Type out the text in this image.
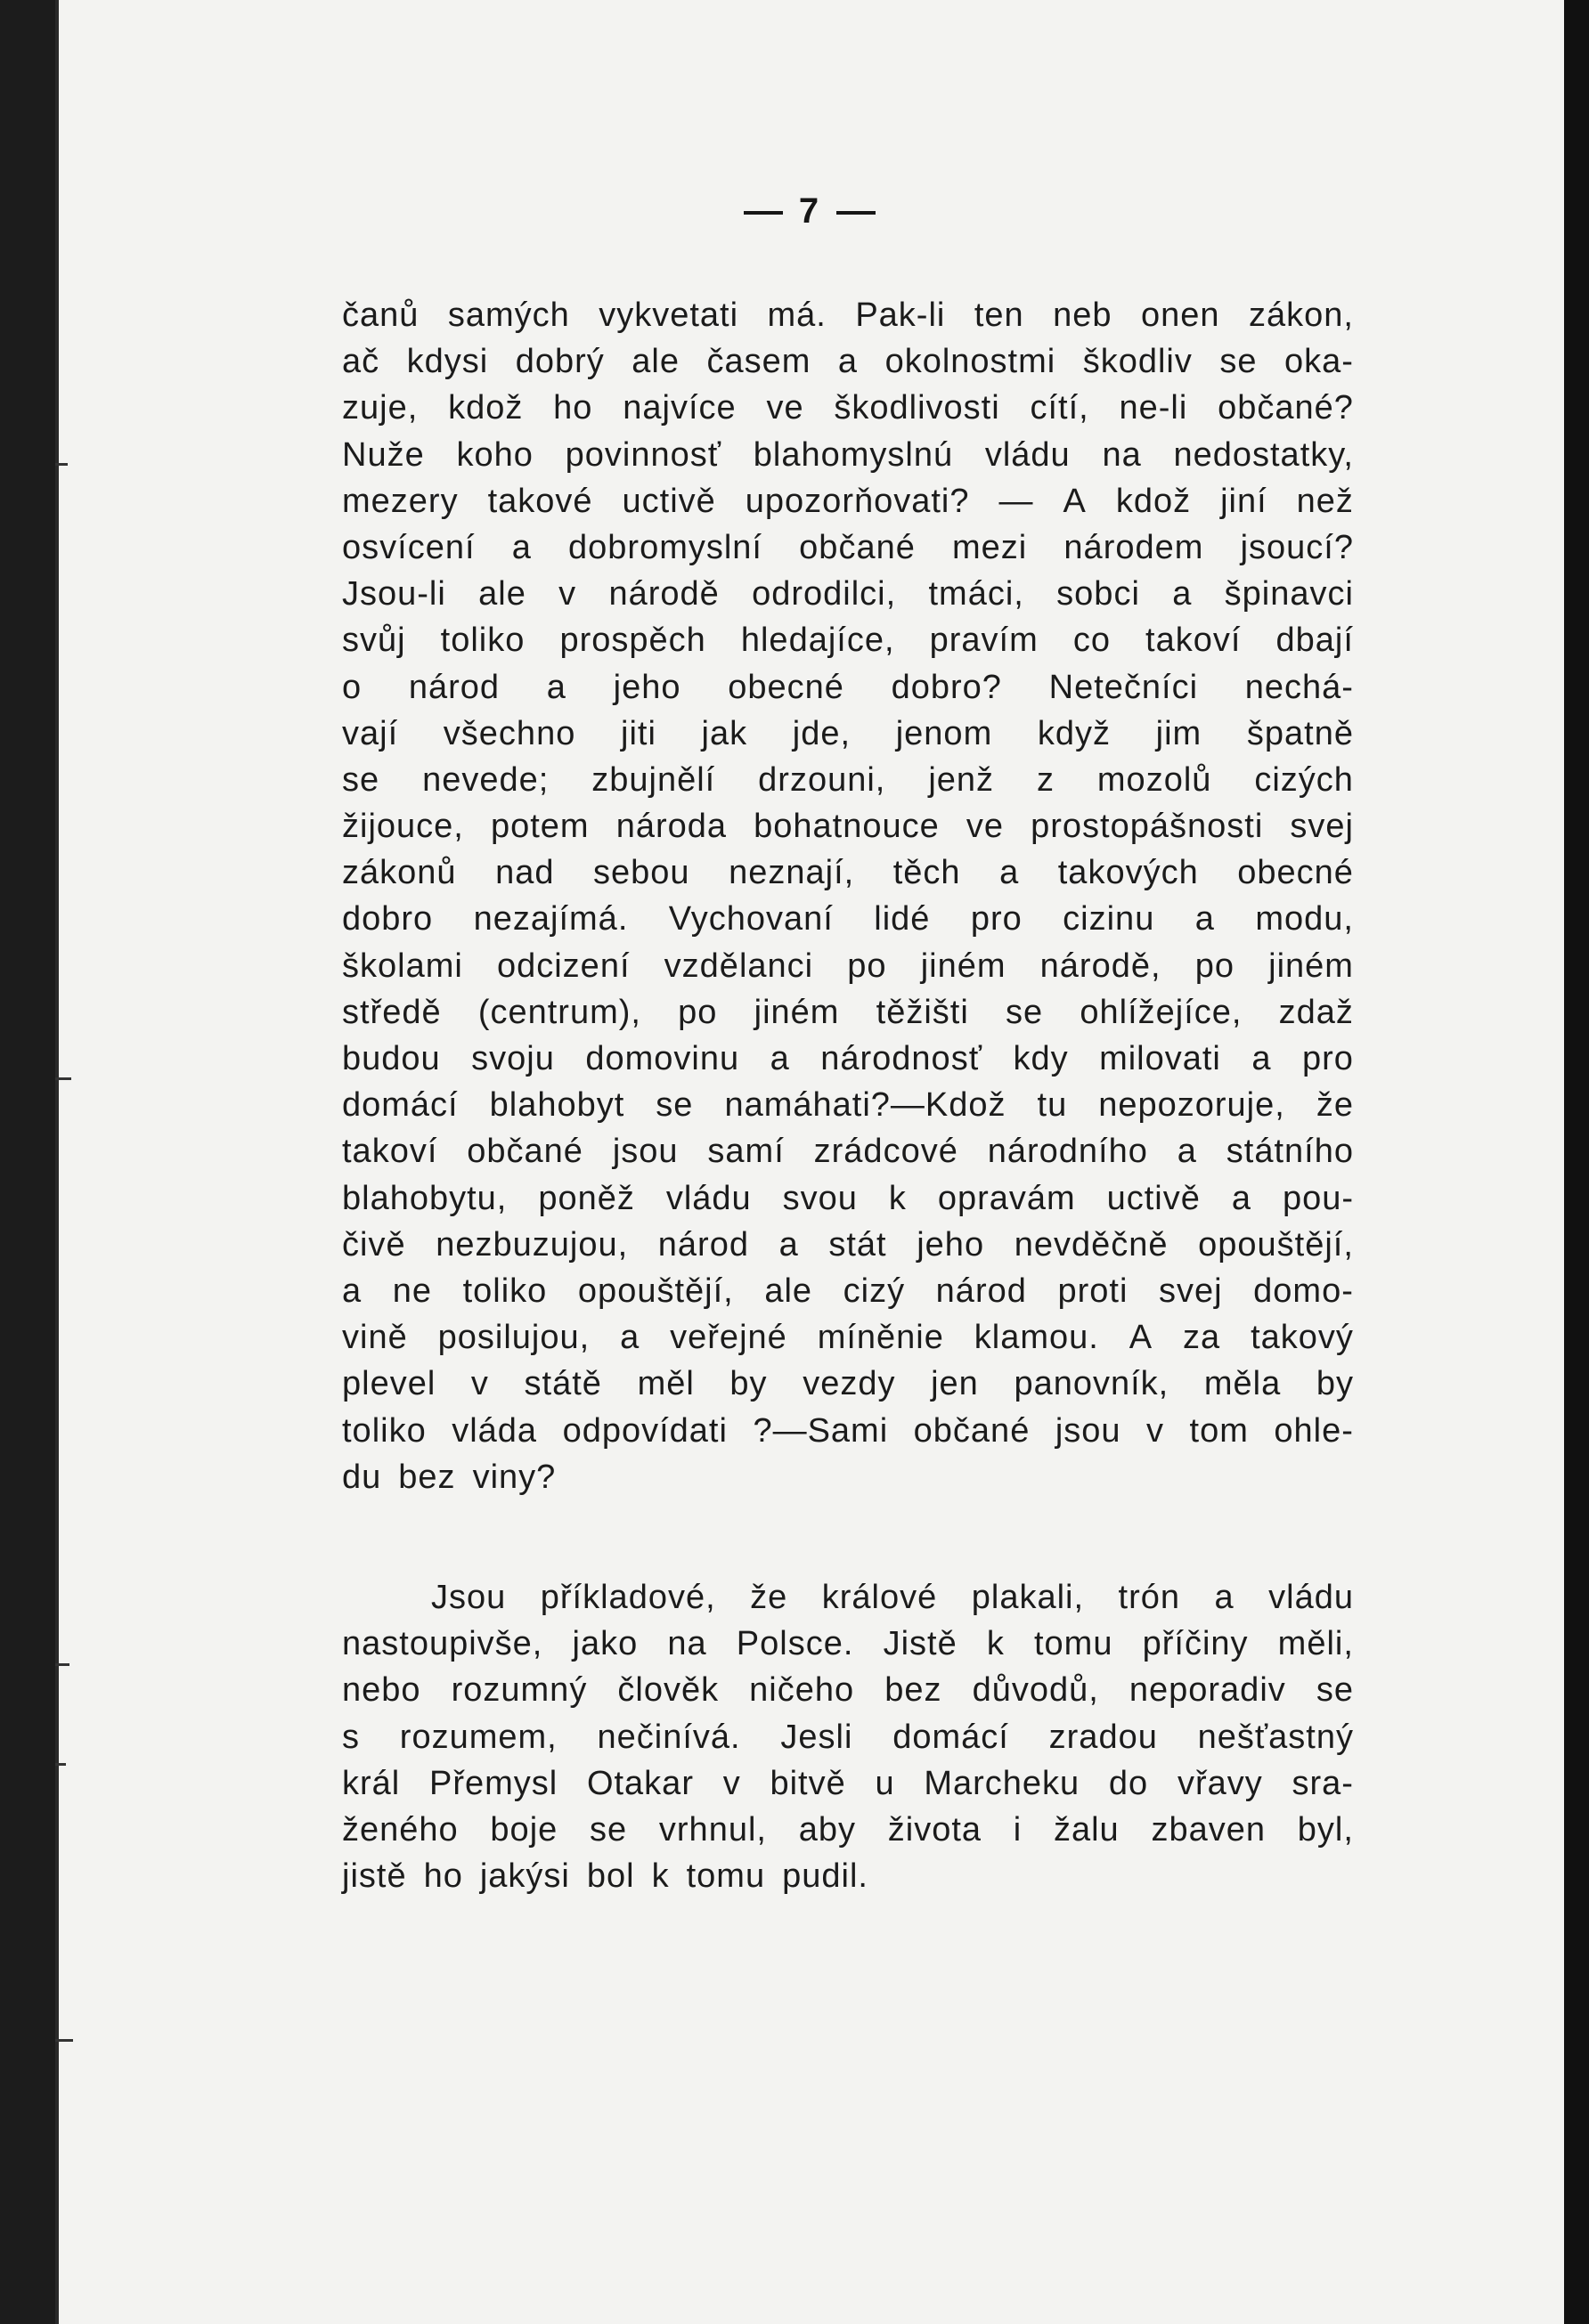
7
čanů samých vykvetati má. Pak-li ten neb onen zákon,
ač kdysi dobrý ale časem a okolnostmi škodliv se oka-
zuje, kdož ho najvíce ve škodlivosti cítí, ne-li občané?
Nuže koho povinnosť blahomyslnú vládu na nedostatky,
mezery takové uctivě upozorňovati? — A kdož jiní než
osvícení a dobromyslní občané mezi národem jsoucí?
Jsou-li ale v národě odrodilci, tmáci, sobci a špinavci
svůj toliko prospěch hledajíce, pravím co takoví dbají
o národ a jeho obecné dobro? Netečníci nechá-
vají všechno jiti jak jde, jenom když jim špatně
se nevede; zbujnělí drzouni, jenž z mozolů cizých
žijouce, potem národa bohatnouce ve prostopášnosti svej
zákonů nad sebou neznají, těch a takových obecné
dobro nezajímá. Vychovaní lidé pro cizinu a modu,
školami odcizení vzdělanci po jiném národě, po jiném
středě (centrum), po jiném těžišti se ohlížejíce, zdaž
budou svoju domovinu a národnosť kdy milovati a pro
domácí blahobyt se namáhati?—Kdož tu nepozoruje, že
takoví občané jsou samí zrádcové národního a státního
blahobytu, poněž vládu svou k opravám uctivě a pou-
čivě nezbuzujou, národ a stát jeho nevděčně opouštějí,
a ne toliko opouštějí, ale cizý národ proti svej domo-
vině posilujou, a veřejné míněnie klamou. A za takový
plevel v státě měl by vezdy jen panovník, měla by
toliko vláda odpovídati ?—Sami občané jsou v tom ohle-
du bez viny?
Jsou příkladové, že králové plakali, trón a vládu
nastoupivše, jako na Polsce. Jistě k tomu příčiny měli,
nebo rozumný člověk ničeho bez důvodů, neporadiv se
s rozumem, nečinívá. Jesli domácí zradou nešťastný
král Přemysl Otakar v bitvě u Marcheku do vřavy sra-
ženého boje se vrhnul, aby života i žalu zbaven byl,
jistě ho jakýsi bol k tomu pudil.
